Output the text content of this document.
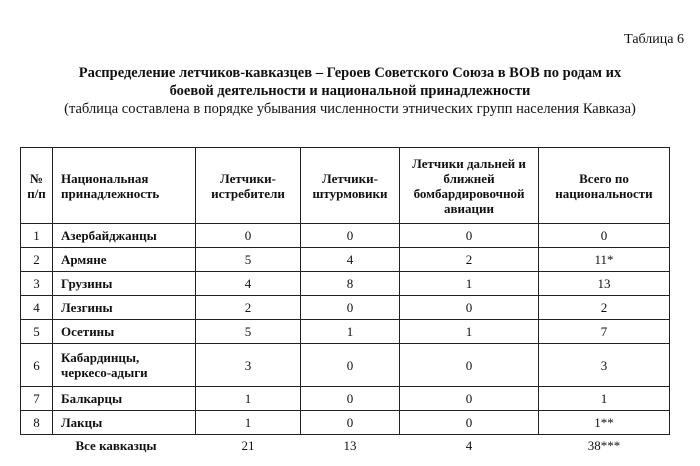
Таблица 6
Распределение летчиков-кавказцев – Героев Советского Союза в ВОВ по родам их
боевой деятельности и национальной принадлежности
(таблица составлена в порядке убывания численности этнических групп населения Кавказа)
№ п/п	Национальная принадлежность	Летчики-истребители	Летчики-штурмовики	Летчики дальней и ближней бомбардировочной авиации	Всего по национальности
1	Азербайджанцы	0	0	0	0
2	Армяне	5	4	2	11*
3	Грузины	4	8	1	13
4	Лезгины	2	0	0	2
5	Осетины	5	1	1	7
6	Кабардинцы, черкесо-адыги	3	0	0	3
7	Балкарцы	1	0	0	1
8	Лакцы	1	0	0	1**
Все кавказцы		21	13	4	38***
